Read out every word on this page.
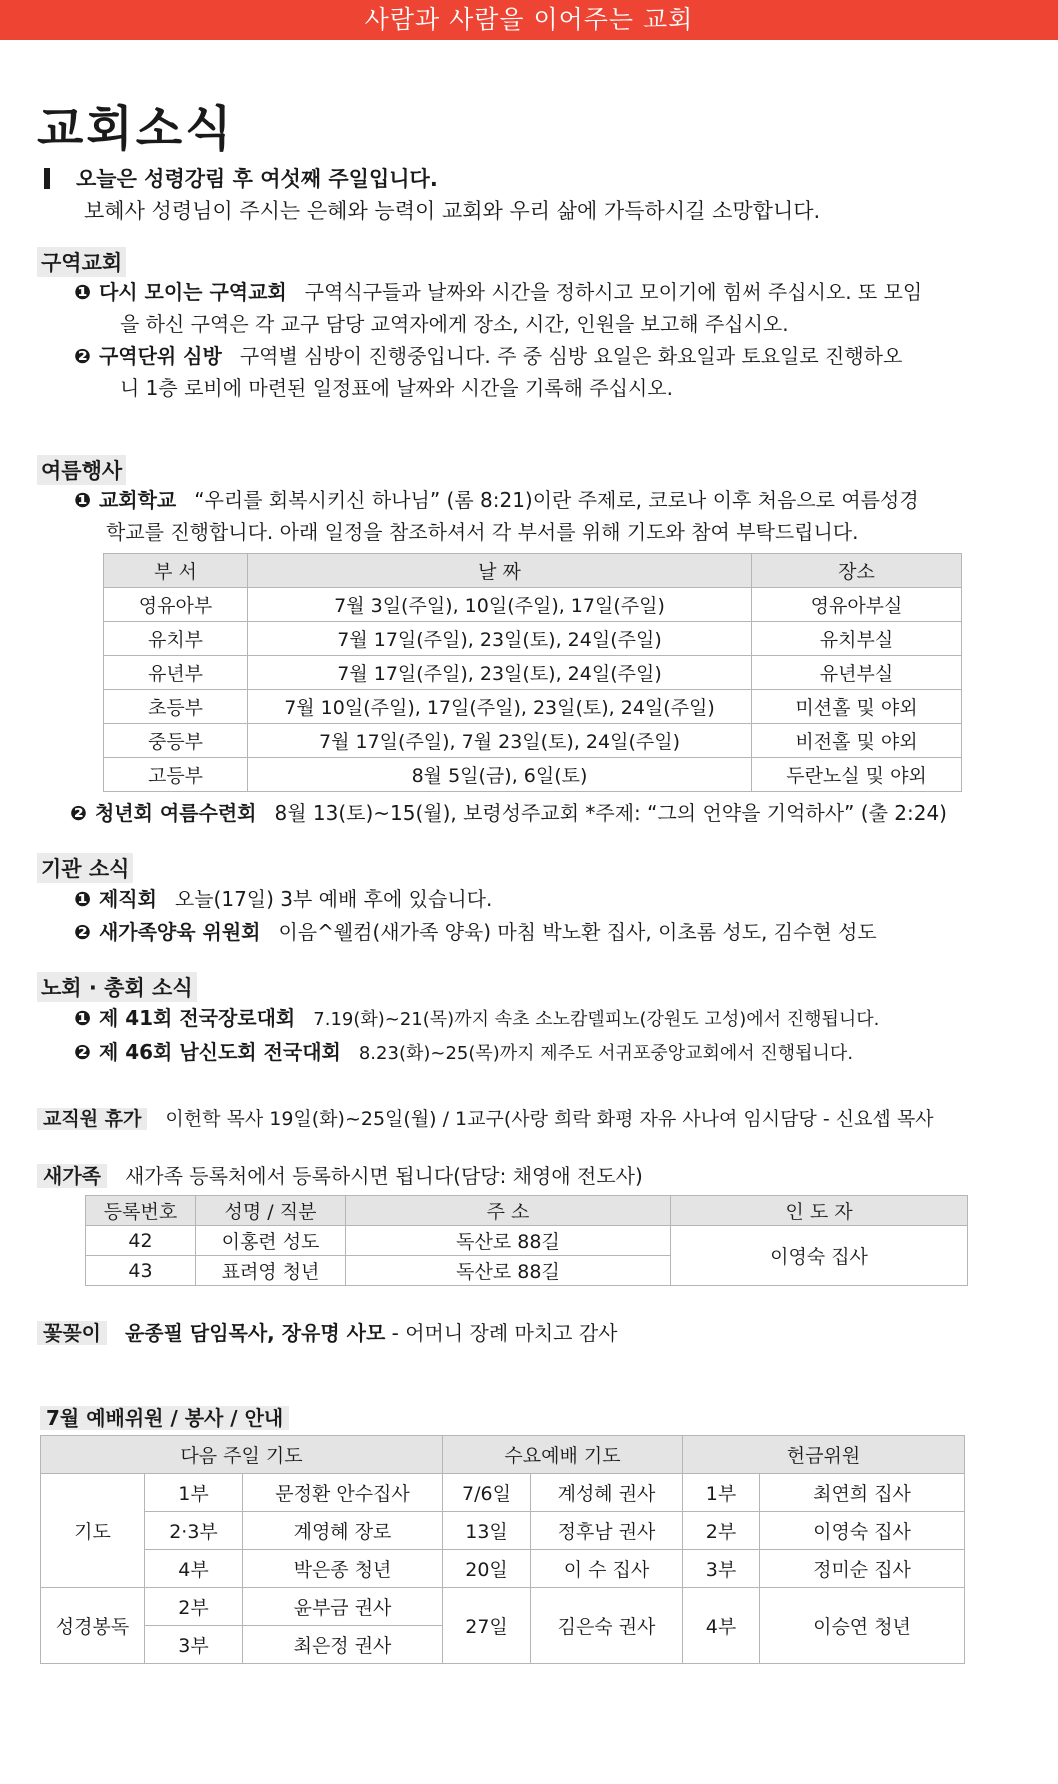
사람과 사람을 이어주는 교회
교회소식
오늘은 성령강림 후 여섯째 주일입니다.
보혜사 성령님이 주시는 은혜와 능력이 교회와 우리 삶에 가득하시길 소망합니다.
구역교회
❶ 다시 모이는 구역교회 구역식구들과 날짜와 시간을 정하시고 모이기에 힘써 주십시오. 또 모임
을 하신 구역은 각 교구 담당 교역자에게 장소, 시간, 인원을 보고해 주십시오.
❷ 구역단위 심방 구역별 심방이 진행중입니다. 주 중 심방 요일은 화요일과 토요일로 진행하오
니 1층 로비에 마련된 일정표에 날짜와 시간을 기록해 주십시오.
여름행사
❶ 교회학교 “우리를 회복시키신 하나님” (롬 8:21)이란 주제로, 코로나 이후 처음으로 여름성경
학교를 진행합니다. 아래 일정을 참조하셔서 각 부서를 위해 기도와 참여 부탁드립니다.
부 서	날 짜	장소
영유아부	7월 3일(주일), 10일(주일), 17일(주일)	영유아부실
유치부	7월 17일(주일), 23일(토), 24일(주일)	유치부실
유년부	7월 17일(주일), 23일(토), 24일(주일)	유년부실
초등부	7월 10일(주일), 17일(주일), 23일(토), 24일(주일)	미션홀 및 야외
중등부	7월 17일(주일), 7월 23일(토), 24일(주일)	비전홀 및 야외
고등부	8월 5일(금), 6일(토)	두란노실 및 야외
❷ 청년회 여름수련회 8월 13(토)~15(월), 보령성주교회 *주제: “그의 언약을 기억하사” (출 2:24)
기관 소식
❶ 제직회 오늘(17일) 3부 예배 후에 있습니다.
❷ 새가족양육 위원회 이음^웰컴(새가족 양육) 마침 박노환 집사, 이초롬 성도, 김수현 성도
노회 · 총회 소식
❶ 제 41회 전국장로대회 7.19(화)~21(목)까지 속초 소노캄델피노(강원도 고성)에서 진행됩니다.
❷ 제 46회 남신도회 전국대회 8.23(화)~25(목)까지 제주도 서귀포중앙교회에서 진행됩니다.
교직원 휴가 이헌학 목사 19일(화)~25일(월) / 1교구(사랑 희락 화평 자유 사나여 임시담당 - 신요셉 목사
새가족 새가족 등록처에서 등록하시면 됩니다(담당: 채영애 전도사)
등록번호	성명 / 직분	주 소	인 도 자
42	이홍련 성도	독산로 88길	이영숙 집사
43	표려영 청년	독산로 88길	
꽃꽂이 윤종필 담임목사, 장유명 사모 - 어머니 장례 마치고 감사
7월 예배위원 / 봉사 / 안내
다음 주일 기도			수요예배 기도		헌금위원	
기도	1부	문정환 안수집사	7/6일	계성혜 권사	1부	최연희 집사
	2·3부	계영혜 장로	13일	정후남 권사	2부	이영숙 집사
	4부	박은종 청년	20일	이 수 집사	3부	정미순 집사
성경봉독	2부	윤부금 권사	27일	김은숙 권사	4부	이승연 청년
	3부	최은정 권사				
